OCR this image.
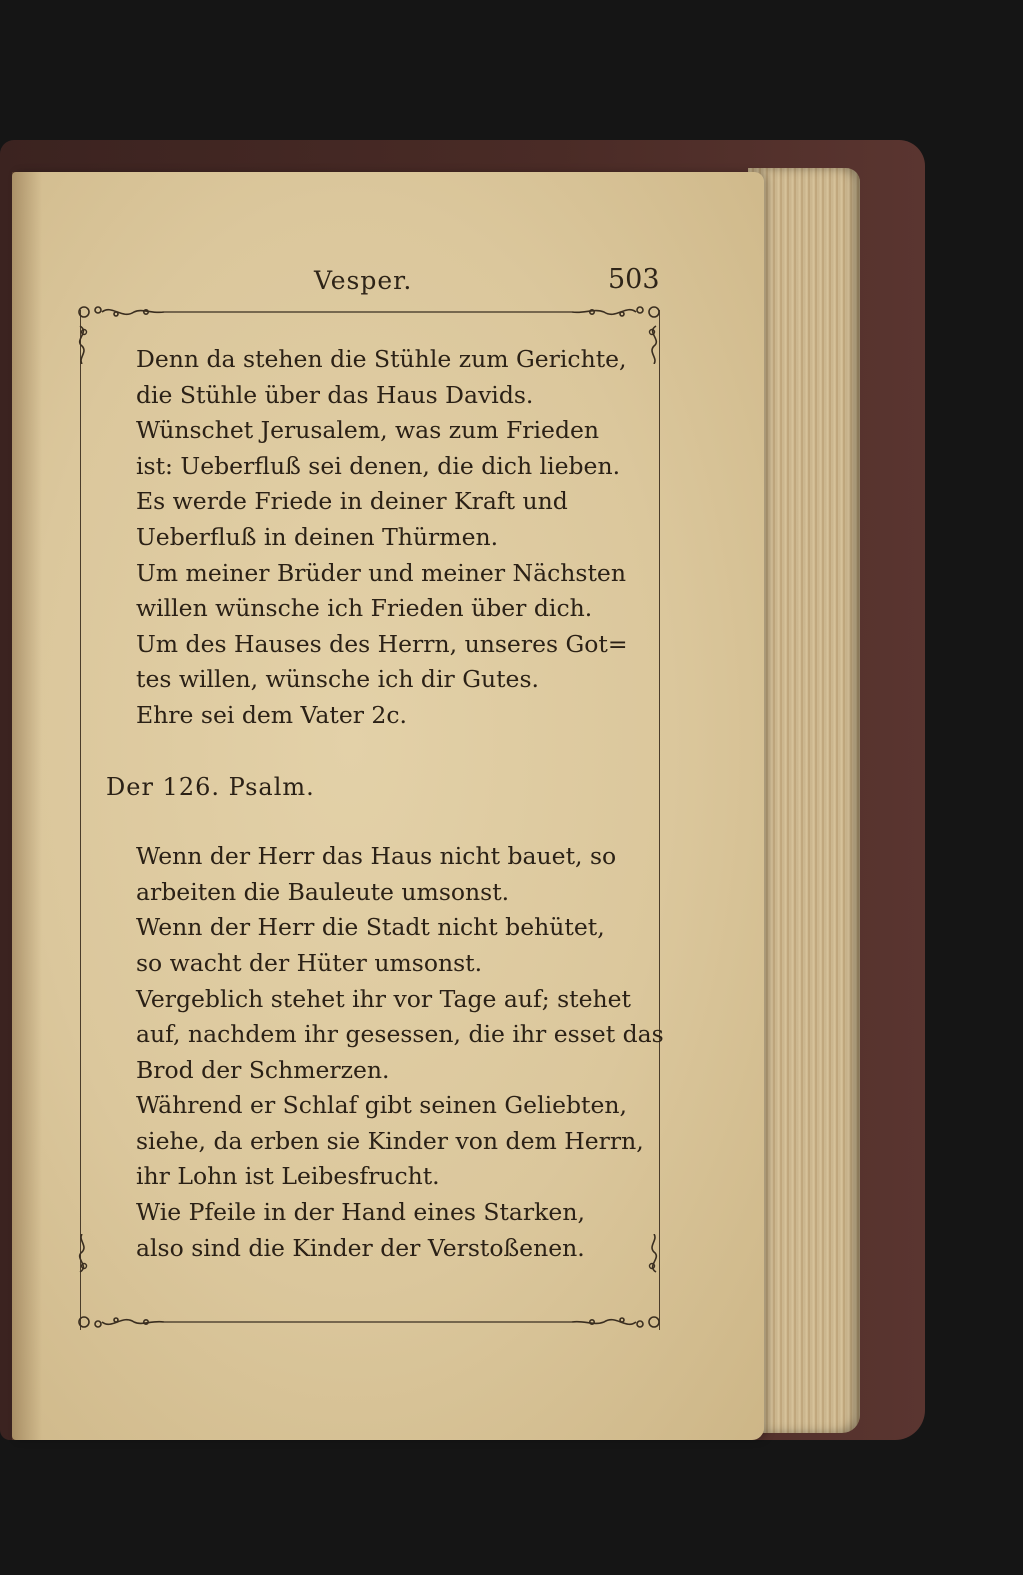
Vesper.	503

Denn da stehen die Stühle zum Gerichte,
die Stühle über das Haus Davids.

Wünschet Jerusalem, was zum Frieden
ist: Ueberfluß sei denen, die dich lieben.

Es werde Friede in deiner Kraft und
Ueberfluß in deinen Thürmen.

Um meiner Brüder und meiner Nächsten
willen wünsche ich Frieden über dich.

Um des Hauses des Herrn, unseres Got=
tes willen, wünsche ich dir Gutes.

Ehre sei dem Vater 2c.

Der 126. Psalm.

Wenn der Herr das Haus nicht bauet, so
arbeiten die Bauleute umsonst.

Wenn der Herr die Stadt nicht behütet,
so wacht der Hüter umsonst.

Vergeblich stehet ihr vor Tage auf; stehet
auf, nachdem ihr gesessen, die ihr esset das
Brod der Schmerzen.

Während er Schlaf gibt seinen Geliebten,
siehe, da erben sie Kinder von dem Herrn,
ihr Lohn ist Leibesfrucht.

Wie Pfeile in der Hand eines Starken,
also sind die Kinder der Verstoßenen.
